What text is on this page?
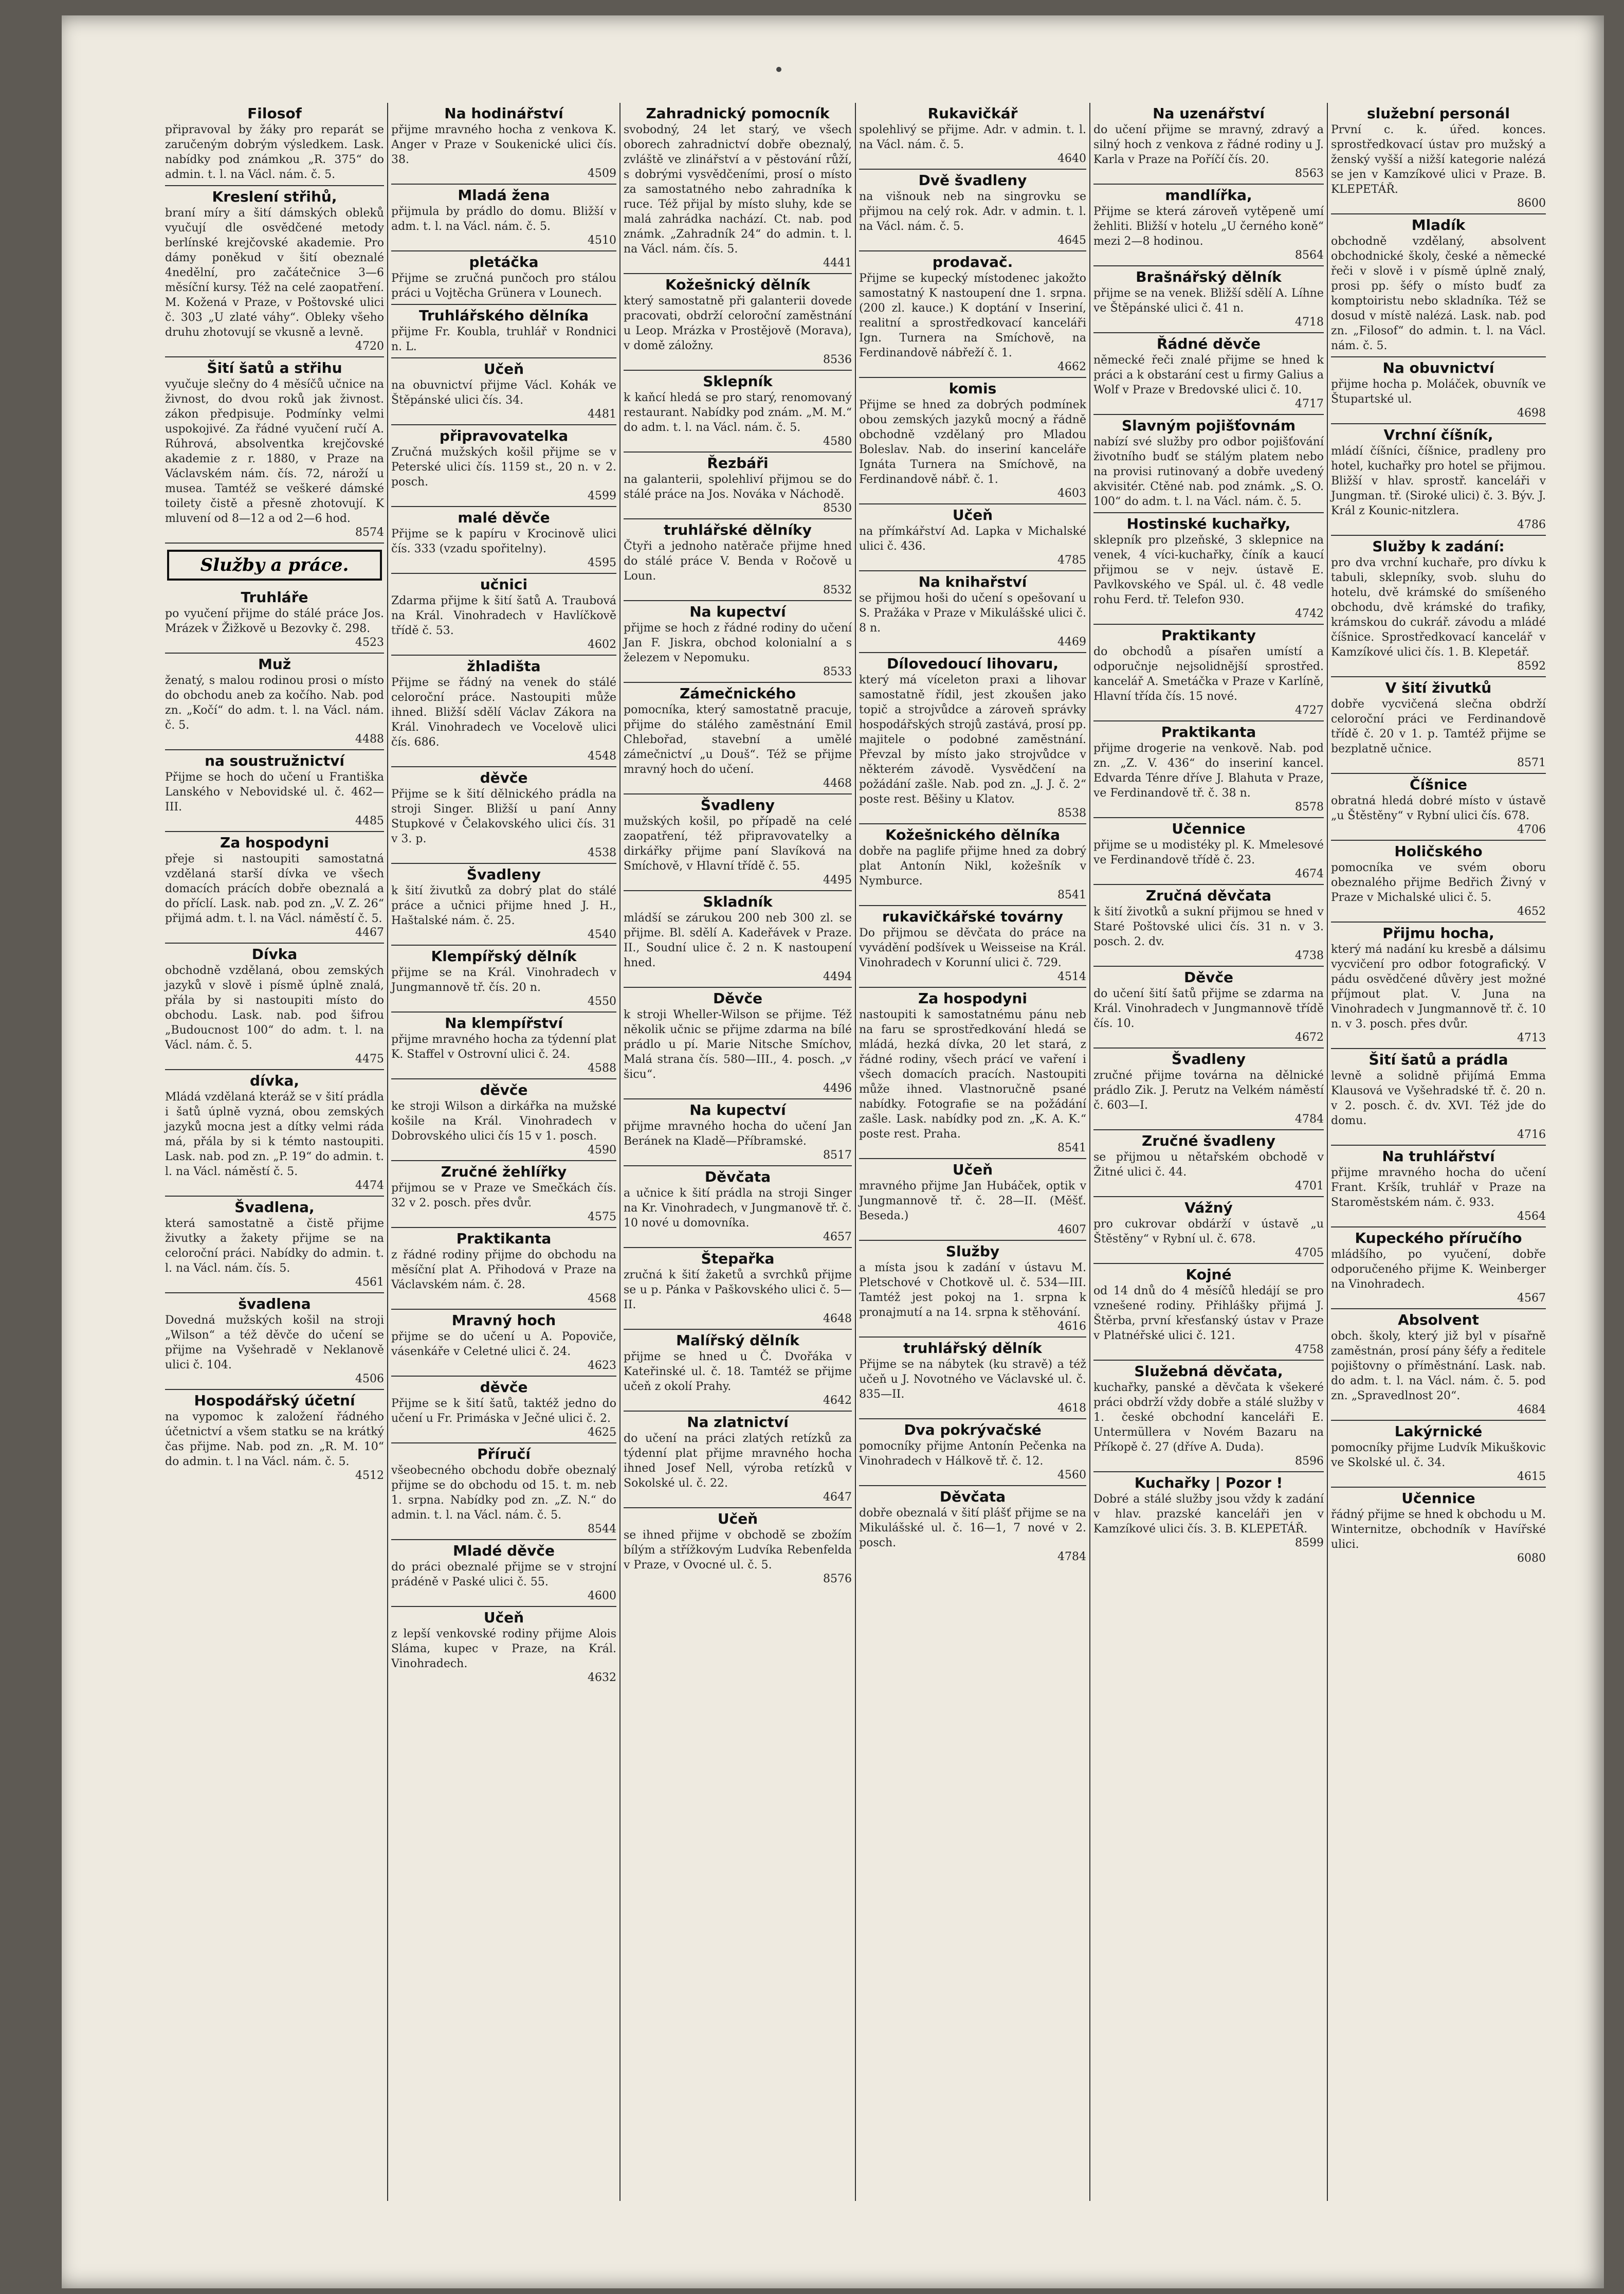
Filosof

připravoval by žáky pro reparát se zaručeným dobrým výsledkem. Lask. nabídky pod známkou „R. 375“ do admin. t. l. na Václ. nám. č. 5.

Kreslení střihů,

braní míry a šití dámských obleků vyučují dle osvědčené metody berlínské krejčovské akademie. Pro dámy poněkud v šití obeznalé 4nedělní, pro začátečnice 3—6 měsíční kursy. Též na celé zaopatření. M. Kožená v Praze, v Poštovské ulici č. 303 „U zlaté váhy“. Obleky všeho druhu zhotovují se vkusně a levně.

4720
Šití šatů a střihu

vyučuje slečny do 4 měsíčů učnice na živnost, do dvou roků jak živnost. zákon předpisuje. Podmínky velmi uspokojivé. Za řádné vyučení ručí A. Rúhrová, absolventka krejčovské akademie z r. 1880, v Praze na Václavském nám. čís. 72, nároží u musea. Tamtéž se veškeré dámské toilety čistě a přesně zhotovují. K mluvení od 8—12 a od 2—6 hod.

8574
Služby a práce.
Truhláře

po vyučení přijme do stálé práce Jos. Mrázek v Žižkově u Bezovky č. 298.

4523
Muž

ženatý, s malou rodinou prosi o místo do obchodu aneb za kočího. Nab. pod zn. „Kočí“ do adm. t. l. na Václ. nám. č. 5.

4488
na soustružnictví

Přijme se hoch do učení u Františka Lanského v Nebovidské ul. č. 462—III.

4485
Za hospodyni

přeje si nastoupiti samostatná vzdělaná starší dívka ve všech domacích prácích dobře obeznalá a do příclí. Lask. nab. pod zn. „V. Z. 26“ přijmá adm. t. l. na Václ. náměstí č. 5.

4467
Dívka

obchodně vzdělaná, obou zemských jazyků v slově i písmě úplně znalá, přála by si nastoupiti místo do obchodu. Lask. nab. pod šifrou „Budoucnost 100“ do adm. t. l. na Václ. nám. č. 5.

4475
dívka,

Mládá vzdělaná kteráž se v šití prádla i šatů úplně vyzná, obou zemských jazyků mocna jest a dítky velmi ráda má, přála by si k témto nastoupiti. Lask. nab. pod zn. „P. 19“ do admin. t. l. na Václ. náměstí č. 5.

4474
Švadlena,

která samostatně a čistě přijme živutky a žakety přijme se na celoroční práci. Nabídky do admin. t. l. na Václ. nám. čís. 5.

4561
švadlena

Dovedná mužských košil na stroji „Wilson“ a též děvče do učení se přijme na Vyšehradě v Neklanově ulici č. 104.

4506
Hospodářský účetní

na vypomoc k založení řádného účetnictví a všem statku se na krátký čas přijme. Nab. pod zn. „R. M. 10“ do admin. t. l na Václ. nám. č. 5.

4512
Na hodinářství

přijme mravného hocha z venkova K. Anger v Praze v Soukenické ulici čís. 38.

4509
Mladá žena

přijmula by prádlo do domu. Bližší v adm. t. l. na Václ. nám. č. 5.

4510
pletáčka

Přijme se zručná punčoch pro stálou práci u Vojtěcha Grünera v Lounech.

Truhlářského dělníka

přijme Fr. Koubla, truhlář v Rondnici n. L.

Učeň

na obuvnictví přijme Václ. Kohák ve Štěpánské ulici čís. 34.

4481
připravovatelka

Zručná mužských košil přijme se v Peterské ulici čís. 1159 st., 20 n. v 2. posch.

4599
malé děvče

Přijme se k papíru v Krocinově ulici čís. 333 (vzadu spořitelny).

4595
učnici

Zdarma přijme k šití šatů A. Traubová na Král. Vinohradech v Havlíčkově třídě č. 53.

4602
žhladišta

Přijme se řádný na venek do stálé celoroční práce. Nastoupiti může ihned. Bližší sdělí Václav Zákora na Král. Vinohradech ve Vocelově ulici čís. 686.

4548
děvče

Přijme se k šití dělnického prádla na stroji Singer. Bližší u paní Anny Stupkové v Čelakovského ulici čís. 31 v 3. p.

4538
Švadleny

k šití živutků za dobrý plat do stálé práce a učnici přijme hned J. H., Haštalské nám. č. 25.

4540
Klempířský dělník

přijme se na Král. Vinohradech v Jungmannově tř. čís. 20 n.

4550
Na klempířství

přijme mravného hocha za týdenní plat K. Staffel v Ostrovní ulici č. 24.

4588
děvče

ke stroji Wilson a dirkářka na mužské košile na Král. Vinohradech v Dobrovského ulici čís 15 v 1. posch.

4590
Zručné žehlířky

přijmou se v Praze ve Smečkách čís. 32 v 2. posch. přes dvůr.

4575
Praktikanta

z řádné rodiny přijme do obchodu na měsíční plat A. Přihodová v Praze na Václavském nám. č. 28.

4568
Mravný hoch

přijme se do učení u A. Popoviče, vásenkáře v Celetné ulici č. 24.

4623
děvče

Přijme se k šití šatů, taktéž jedno do učení u Fr. Primáska v Ječné ulici č. 2.

4625
Příručí

všeobecného obchodu dobře obeznalý přijme se do obchodu od 15. t. m. neb 1. srpna. Nabídky pod zn. „Z. N.“ do admin. t. l. na Václ. nám. č. 5.

8544
Mladé děvče

do práci obeznalé přijme se v strojní prádéně v Paské ulici č. 55.

4600
Učeň

z lepší venkovské rodiny přijme Alois Sláma, kupec v Praze, na Král. Vinohradech.

4632
Zahradnický pomocník

svobodný, 24 let starý, ve všech oborech zahradnictví dobře obeznalý, zvláště ve zlinářství a v pěstování růží, s dobrými vysvědčeními, prosí o místo za samostatného nebo zahradníka k ruce. Též přijal by místo sluhy, kde se malá zahrádka nachází. Ct. nab. pod známk. „Zahradník 24“ do admin. t. l. na Václ. nám. čís. 5.

4441
Kožešnický dělník

který samostatně při galanterii dovede pracovati, obdrží celoroční zaměstnání u Leop. Mrázka v Prostějově (Morava), v domě záložny.

8536
Sklepník

k kaňcí hledá se pro starý, renomovaný restaurant. Nabídky pod znám. „M. M.“ do adm. t. l. na Václ. nám. č. 5.

4580
Řezbáři

na galanterii, spolehliví přijmou se do stálé práce na Jos. Nováka v Náchodě.

8530
truhlářské dělníky

Čtyři a jednoho natěrače přijme hned do stálé práce V. Benda v Ročově u Loun.

8532
Na kupectví

přijme se hoch z řádné rodiny do učení Jan F. Jiskra, obchod kolonialní a s železem v Nepomuku.

8533
Zámečnického

pomocníka, který samostatně pracuje, přijme do stálého zaměstnání Emil Chlebořad, stavební a umělé zámečnictví „u Douš“. Též se přijme mravný hoch do učení.

4468
Švadleny

mužských košil, po případě na celé zaopatření, též připravovatelky a dirkářky přijme paní Slavíková na Smíchově, v Hlavní třídě č. 55.

4495
Skladník

mládší se zárukou 200 neb 300 zl. se přijme. Bl. sdělí A. Kadeřávek v Praze. II., Soudní ulice č. 2 n. K nastoupení hned.

4494
Děvče

k stroji Wheller-Wilson se přijme. Též několik učnic se přijme zdarma na bílé prádlo u pí. Marie Nitsche Smíchov, Malá strana čís. 580—III., 4. posch. „v šicu“.

4496
Na kupectví

přijme mravného hocha do učení Jan Beránek na Kladě—Příbramské.

8517
Děvčata

a učnice k šití prádla na stroji Singer na Kr. Vinohradech, v Jungmanově tř. č. 10 nové u domovníka.

4657
Štepařka

zručná k šití žaketů a svrchků přijme se u p. Pánka v Paškovského ulici č. 5—II.

4648
Malířský dělník

přijme se hned u Č. Dvořáka v Kateřinské ul. č. 18. Tamtéž se přijme učeň z okolí Prahy.

4642
Na zlatnictví

do učení na práci zlatých retízků za týdenní plat přijme mravného hocha ihned Josef Nell, výroba retízků v Sokolské ul. č. 22.

4647
Učeň

se ihned přijme v obchodě se zbožím bílým a střížkovým Ludvíka Rebenfelda v Praze, v Ovocné ul. č. 5.

8576
Rukavičkář

spolehlivý se přijme. Adr. v admin. t. l. na Václ. nám. č. 5.

4640
Dvě švadleny

na višnouk neb na singrovku se přijmou na celý rok. Adr. v admin. t. l. na Václ. nám. č. 5.

4645
prodavač.

Přijme se kupecký místodenec jakožto samostatný K nastoupení dne 1. srpna. (200 zl. kauce.) K doptání v Inseriní, realitní a sprostředkovací kanceláři Ign. Turnera na Smíchově, na Ferdinandově nábřeží č. 1.

4662
komis

Přijme se hned za dobrých podmínek obou zemských jazyků mocný a řádně obchodně vzdělaný pro Mladou Boleslav. Nab. do inseriní kanceláře Ignáta Turnera na Smíchově, na Ferdinandově nábř. č. 1.

4603
Učeň

na přímkářství Ad. Lapka v Michalské ulici č. 436.

4785
Na knihařství

se přijmou hoši do učení s opešovaní u S. Pražáka v Praze v Mikulášské ulici č. 8 n.

4469
Dílovedoucí lihovaru,

který má víceleton praxi a lihovar samostatně řídil, jest zkoušen jako topič a strojvůdce a zároveň správky hospodářských strojů zastává, prosí pp. majitele o podobné zaměstnání. Převzal by místo jako strojvůdce v některém závodě. Vysvědčení na požádání zašle. Nab. pod zn. „J. J. č. 2“ poste rest. Běšiny u Klatov.

8538
Kožešnického dělníka

dobře na paglife přijme hned za dobrý plat Antonín Nikl, kožešník v Nymburce.

8541
rukavičkářské továrny

Do přijmou se děvčata do práce na vyvádění podšívek u Weisseise na Král. Vinohradech v Korunní ulici č. 729.

4514
Za hospodyni

nastoupiti k samostatnému pánu neb na faru se sprostředkování hledá se mládá, hezká dívka, 20 let stará, z řádné rodiny, všech prácí ve vaření i všech domacích pracích. Nastoupiti může ihned. Vlastnoručně psané nabídky. Fotografie se na požádání zašle. Lask. nabídky pod zn. „K. A. K.“ poste rest. Praha.

8541
Učeň

mravného přijme Jan Hubáček, optik v Jungmannově tř. č. 28—II. (Měšť. Beseda.)

4607
Služby

a místa jsou k zadání v ústavu M. Pletschové v Chotkově ul. č. 534—III. Tamtéž jest pokoj na 1. srpna k pronajmutí a na 14. srpna k stěhování.

4616
truhlářský dělník

Přijme se na nábytek (ku stravě) a též učeň u J. Novotného ve Václavské ul. č. 835—II.

4618
Dva pokrývačské

pomocníky přijme Antonín Pečenka na Vinohradech v Hálkově tř. č. 12.

4560
Děvčata

dobře obeznalá v šití plášť přijme se na Mikulášské ul. č. 16—1, 7 nové v 2. posch.

4784
Na uzenářství

do učení přijme se mravný, zdravý a silný hoch z venkova z řádné rodiny u J. Karla v Praze na Poříčí čís. 20.

8563
mandlířka,

Přijme se která zároveň vytěpeně umí žehliti. Bližší v hotelu „U černého koně“ mezi 2—8 hodinou.

8564
Brašnářský dělník

přijme se na venek. Bližší sdělí A. Líhne ve Štěpánské ulici č. 41 n.

4718
Řádné děvče

německé řeči znalé přijme se hned k práci a k obstarání cest u firmy Galius a Wolf v Praze v Bredovské ulici č. 10.

4717
Slavným pojišťovnám

nabízí své služby pro odbor pojišťování životního budť se stálým platem nebo na provisi rutinovaný a dobře uvedený akvisitér. Ctěné nab. pod známk. „S. O. 100“ do adm. t. l. na Václ. nám. č. 5.

Hostinské kuchařky,

sklepník pro plzeňské, 3 sklepnice na venek, 4 víci-kuchařky, číník a kaucí přijmou se v nejv. ústavě E. Pavlkovského ve Spál. ul. č. 48 vedle rohu Ferd. tř. Telefon 930.

4742
Praktikanty

do obchodů a písařen umístí a odporučnje nejsolidnější sprostřed. kancelář A. Smetáčka v Praze v Karlíně, Hlavní třída čís. 15 nové.

4727
Praktikanta

přijme drogerie na venkově. Nab. pod zn. „Z. V. 436“ do inseriní kancel. Edvarda Ténre dříve J. Blahuta v Praze, ve Ferdinandově tř. č. 38 n.

8578
Učennice

přijme se u modistéky pl. K. Mmelesové ve Ferdinandově třídě č. 23.

4674
Zručná děvčata

k šití životků a sukní přijmou se hned v Staré Poštovské ulici čís. 31 n. v 3. posch. 2. dv.

4738
Děvče

do učení šití šatů přijme se zdarma na Král. Vinohradech v Jungmannově třídě čís. 10.

4672
Švadleny

zručné přijme továrna na dělnické prádlo Zik. J. Perutz na Velkém náměstí č. 603—I.

4784
Zručné švadleny

se přijmou u nětařském obchodě v Žitné ulici č. 44.

4701
Vážný

pro cukrovar obdárží v ústavě „u Štěstěny“ v Rybní ul. č. 678.

4705
Kojné

od 14 dnů do 4 měsíčů hledájí se pro vznešené rodiny. Přihlášky přijmá J. Štěrba, první křesťanský ústav v Praze v Platnéřské ulici č. 121.

4758
Služebná děvčata,

kuchařky, panské a děvčata k všekeré práci obdrží vždy dobře a stálé služby v 1. české obchodní kanceláři E. Untermüllera v Novém Bazaru na Příkopě č. 27 (dříve A. Duda).

8596
Kuchařky | Pozor !

Dobré a stálé služby jsou vždy k zadání v hlav. prazské kanceláři jen v Kamzíkové ulici čís. 3. B. KLEPETÁŘ.

8599
služební personál

První c. k. úřed. konces. sprostředkovací ústav pro mužský a ženský vyšší a nižší kategorie nalézá se jen v Kamzíkové ulici v Praze. B. KLEPETÁŘ.

8600
Mladík

obchodně vzdělaný, absolvent obchodnické školy, české a německé řeči v slově i v písmě úplně znalý, prosi pp. šéfy o místo budť za komptoiristu nebo skladníka. Též se dosud v místě nalézá. Lask. nab. pod zn. „Filosof“ do admin. t. l. na Václ. nám. č. 5.

Na obuvnictví

přijme hocha p. Moláček, obuvník ve Štupartské ul.

4698
Vrchní číšník,

mládí číšníci, číšnice, pradleny pro hotel, kuchařky pro hotel se přijmou. Bližší v hlav. sprostř. kanceláři v Jungman. tř. (Siroké ulici) č. 3. Býv. J. Král z Kounic-nitzlera.

4786
Služby k zadání:

pro dva vrchní kuchaře, pro dívku k tabuli, sklepníky, svob. sluhu do hotelu, dvě krámské do smíšeného obchodu, dvě krámské do trafiky, krámskou do cukrář. závodu a mládé číšnice. Sprostředkovací kancelář v Kamzíkové ulici čís. 1. B. Klepetář.

8592
V šití živutků

dobře vycvičená slečna obdrží celoroční práci ve Ferdinandově třídě č. 20 v 1. p. Tamtéž přijme se bezplatně učnice.

8571
Číšnice

obratná hledá dobré místo v ústavě „u Štěstěny“ v Rybní ulici čís. 678.

4706
Holičského

pomocníka ve svém oboru obeznalého přijme Bedřich Živný v Praze v Michalské ulici č. 5.

4652
Přijmu hocha,

který má nadání ku kresbě a dálsimu vycvičení pro odbor fotografický. V pádu osvědčené důvěry jest možné příjmout plat. V. Juna na Vinohradech v Jungmannově tř. č. 10 n. v 3. posch. přes dvůr.

4713
Šití šatů a prádla

levně a solidně přijímá Emma Klausová ve Vyšehradské tř. č. 20 n. v 2. posch. č. dv. XVI. Též jde do domu.

4716
Na truhlářství

přijme mravného hocha do učení Frant. Kršík, truhlář v Praze na Staroměstském nám. č. 933.

4564
Kupeckého příručího

mládšího, po vyučení, dobře odporučeného přijme K. Weinberger na Vinohradech.

4567
Absolvent

obch. školy, který již byl v písařně zaměstnán, prosí pány šéfy a ředitele pojištovny o příměstnání. Lask. nab. do adm. t. l. na Václ. nám. č. 5. pod zn. „Spravedlnost 20“.

4684
Lakýrnické

pomocníky přijme Ludvík Mikuškovic ve Skolské ul. č. 34.

4615
Učennice

řádný přijme se hned k obchodu u M. Winternitze, obchodník v Havířské ulici.

6080
